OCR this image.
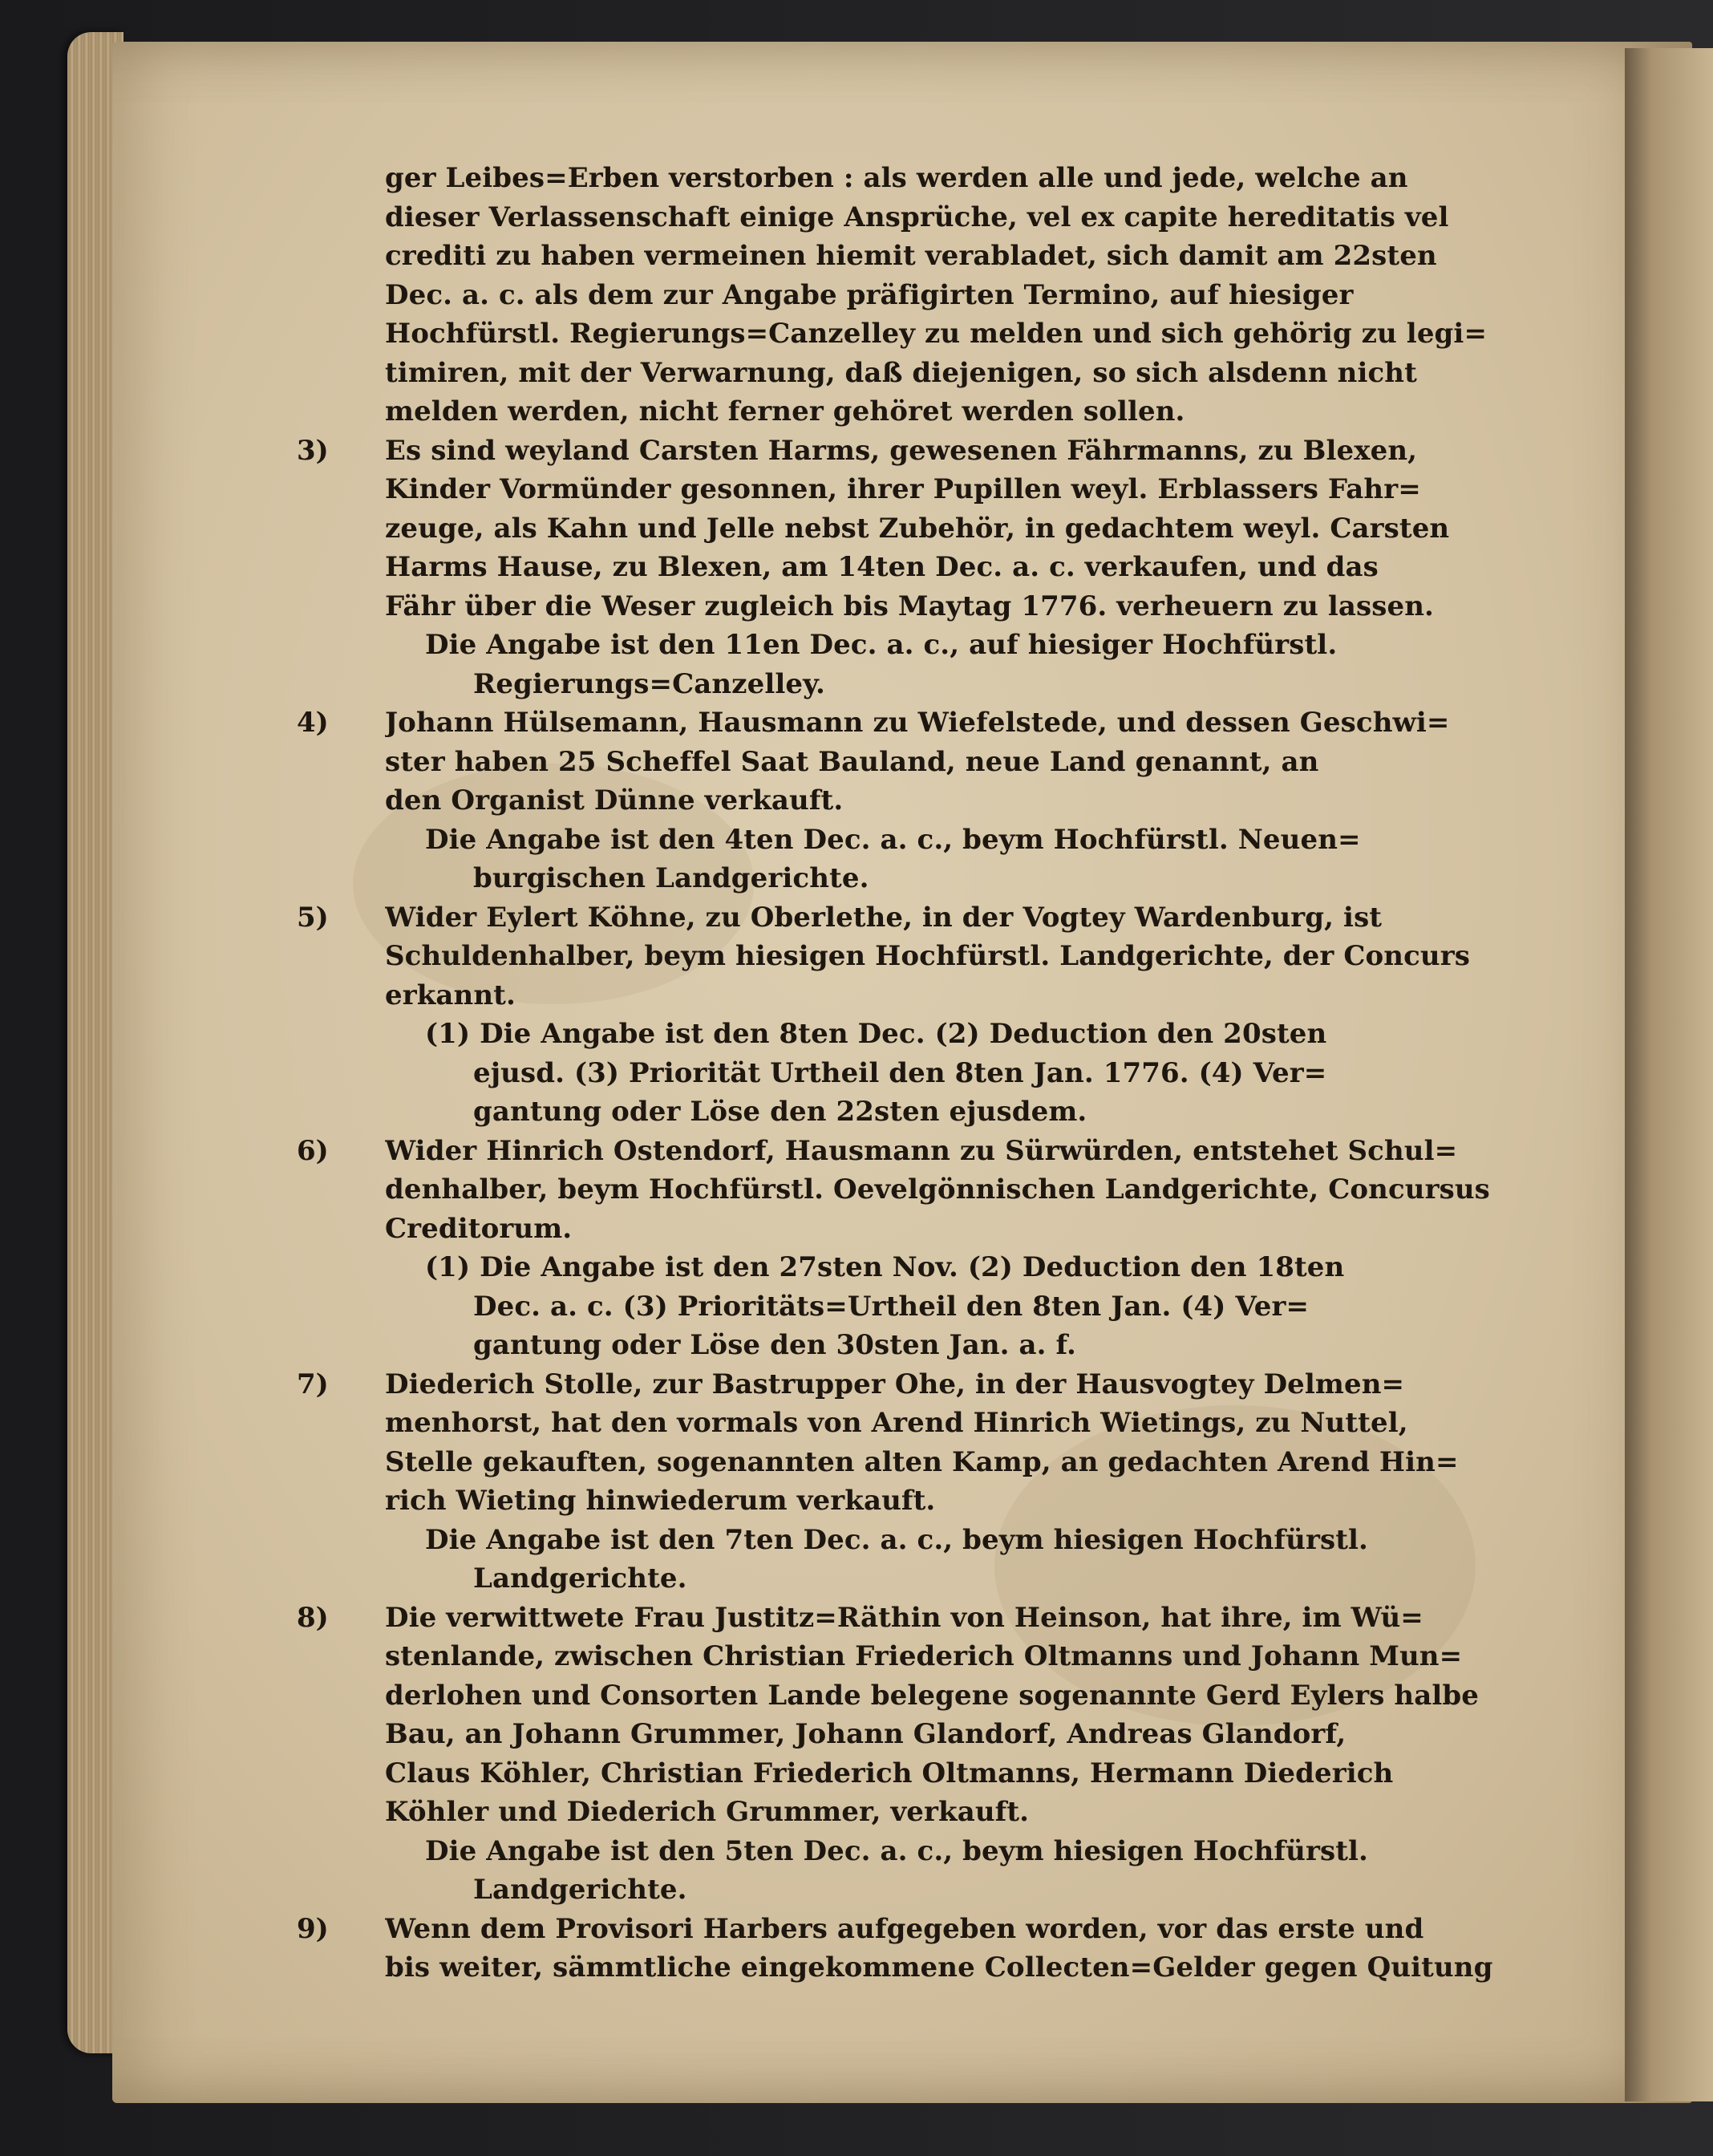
ger Leibes=Erben verstorben : als werden alle und jede, welche an
dieser Verlassenschaft einige Ansprüche, vel ex capite hereditatis vel
crediti zu haben vermeinen hiemit verabladet, sich damit am 22sten
Dec. a. c. als dem zur Angabe präfigirten Termino, auf hiesiger
Hochfürstl. Regierungs=Canzelley zu melden und sich gehörig zu legi=
timiren, mit der Verwarnung, daß diejenigen, so sich alsdenn nicht
melden werden, nicht ferner gehöret werden sollen.
3)	Es sind weyland Carsten Harms, gewesenen Fährmanns, zu Blexen,
Kinder Vormünder gesonnen, ihrer Pupillen weyl. Erblassers Fahr=
zeuge, als Kahn und Jelle nebst Zubehör, in gedachtem weyl. Carsten
Harms Hause, zu Blexen, am 14ten Dec. a. c. verkaufen, und das
Fähr über die Weser zugleich bis Maytag 1776. verheuern zu lassen.
Die Angabe ist den 11en Dec. a. c., auf hiesiger Hochfürstl.
Regierungs=Canzelley.
4)	Johann Hülsemann, Hausmann zu Wiefelstede, und dessen Geschwi=
ster haben 25 Scheffel Saat Bauland, neue Land genannt, an
den Organist Dünne verkauft.
Die Angabe ist den 4ten Dec. a. c., beym Hochfürstl. Neuen=
burgischen Landgerichte.
5)	Wider Eylert Köhne, zu Oberlethe, in der Vogtey Wardenburg, ist
Schuldenhalber, beym hiesigen Hochfürstl. Landgerichte, der Concurs
erkannt.
(1) Die Angabe ist den 8ten Dec. (2) Deduction den 20sten
ejusd. (3) Priorität Urtheil den 8ten Jan. 1776. (4) Ver=
gantung oder Löse den 22sten ejusdem.
6)	Wider Hinrich Ostendorf, Hausmann zu Sürwürden, entstehet Schul=
denhalber, beym Hochfürstl. Oevelgönnischen Landgerichte, Concursus
Creditorum.
(1) Die Angabe ist den 27sten Nov. (2) Deduction den 18ten
Dec. a. c. (3) Prioritäts=Urtheil den 8ten Jan. (4) Ver=
gantung oder Löse den 30sten Jan. a. f.
7)	Diederich Stolle, zur Bastrupper Ohe, in der Hausvogtey Delmen=
menhorst, hat den vormals von Arend Hinrich Wietings, zu Nuttel,
Stelle gekauften, sogenannten alten Kamp, an gedachten Arend Hin=
rich Wieting hinwiederum verkauft.
Die Angabe ist den 7ten Dec. a. c., beym hiesigen Hochfürstl.
Landgerichte.
8)	Die verwittwete Frau Justitz=Räthin von Heinson, hat ihre, im Wü=
stenlande, zwischen Christian Friederich Oltmanns und Johann Mun=
derlohen und Consorten Lande belegene sogenannte Gerd Eylers halbe
Bau, an Johann Grummer, Johann Glandorf, Andreas Glandorf,
Claus Köhler, Christian Friederich Oltmanns, Hermann Diederich
Köhler und Diederich Grummer, verkauft.
Die Angabe ist den 5ten Dec. a. c., beym hiesigen Hochfürstl.
Landgerichte.
9)	Wenn dem Provisori Harbers aufgegeben worden, vor das erste und
bis weiter, sämmtliche eingekommene Collecten=Gelder gegen Quitung
